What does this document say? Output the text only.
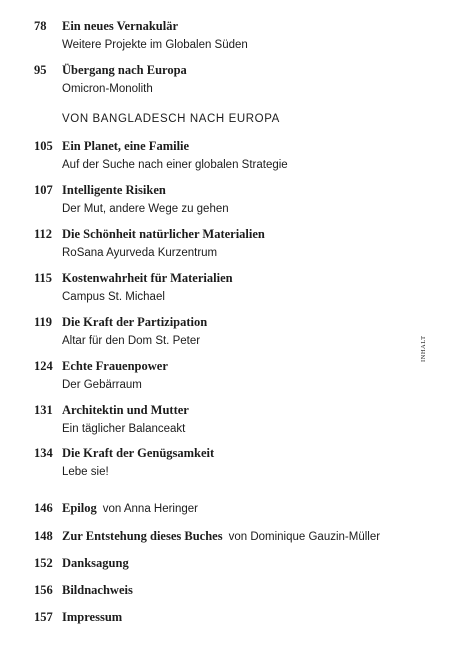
78	Ein neues Vernakulär
Weitere Projekte im Globalen Süden
95	Übergang nach Europa
Omicron-Monolith
VON BANGLADESCH NACH EUROPA
105 Ein Planet, eine Familie
Auf der Suche nach einer globalen Strategie
107 Intelligente Risiken
Der Mut, andere Wege zu gehen
112 Die Schönheit natürlicher Materialien
RoSana Ayurveda Kurzentrum
115 Kostenwahrheit für Materialien
Campus St. Michael
119 Die Kraft der Partizipation
Altar für den Dom St. Peter
124 Echte Frauenpower
Der Gebärraum
131 Architektin und Mutter
Ein täglicher Balanceakt
134 Die Kraft der Genügsamkeit
Lebe sie!
146 Epilog von Anna Heringer
148 Zur Entstehung dieses Buches von Dominique Gauzin-Müller
152 Danksagung
156 Bildnachweis
157 Impressum
INHALT
